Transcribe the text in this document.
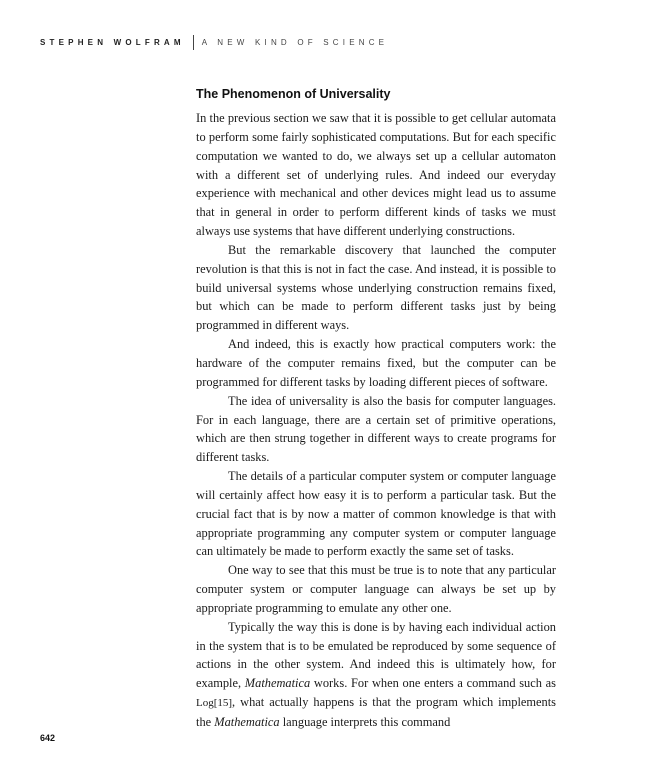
STEPHEN WOLFRAM A NEW KIND OF SCIENCE
The Phenomenon of Universality

In the previous section we saw that it is possible to get cellular automata to perform some fairly sophisticated computations. But for each specific computation we wanted to do, we always set up a cellular automaton with a different set of underlying rules. And indeed our everyday experience with mechanical and other devices might lead us to assume that in general in order to perform different kinds of tasks we must always use systems that have different underlying constructions.

But the remarkable discovery that launched the computer revolution is that this is not in fact the case. And instead, it is possible to build universal systems whose underlying construction remains fixed, but which can be made to perform different tasks just by being programmed in different ways.

And indeed, this is exactly how practical computers work: the hardware of the computer remains fixed, but the computer can be programmed for different tasks by loading different pieces of software.

The idea of universality is also the basis for computer languages. For in each language, there are a certain set of primitive operations, which are then strung together in different ways to create programs for different tasks.

The details of a particular computer system or computer language will certainly affect how easy it is to perform a particular task. But the crucial fact that is by now a matter of common knowledge is that with appropriate programming any computer system or computer language can ultimately be made to perform exactly the same set of tasks.

One way to see that this must be true is to note that any particular computer system or computer language can always be set up by appropriate programming to emulate any other one.

Typically the way this is done is by having each individual action in the system that is to be emulated be reproduced by some sequence of actions in the other system. And indeed this is ultimately how, for example, Mathematica works. For when one enters a command such as Log[15], what actually happens is that the program which implements the Mathematica language interprets this command

642
